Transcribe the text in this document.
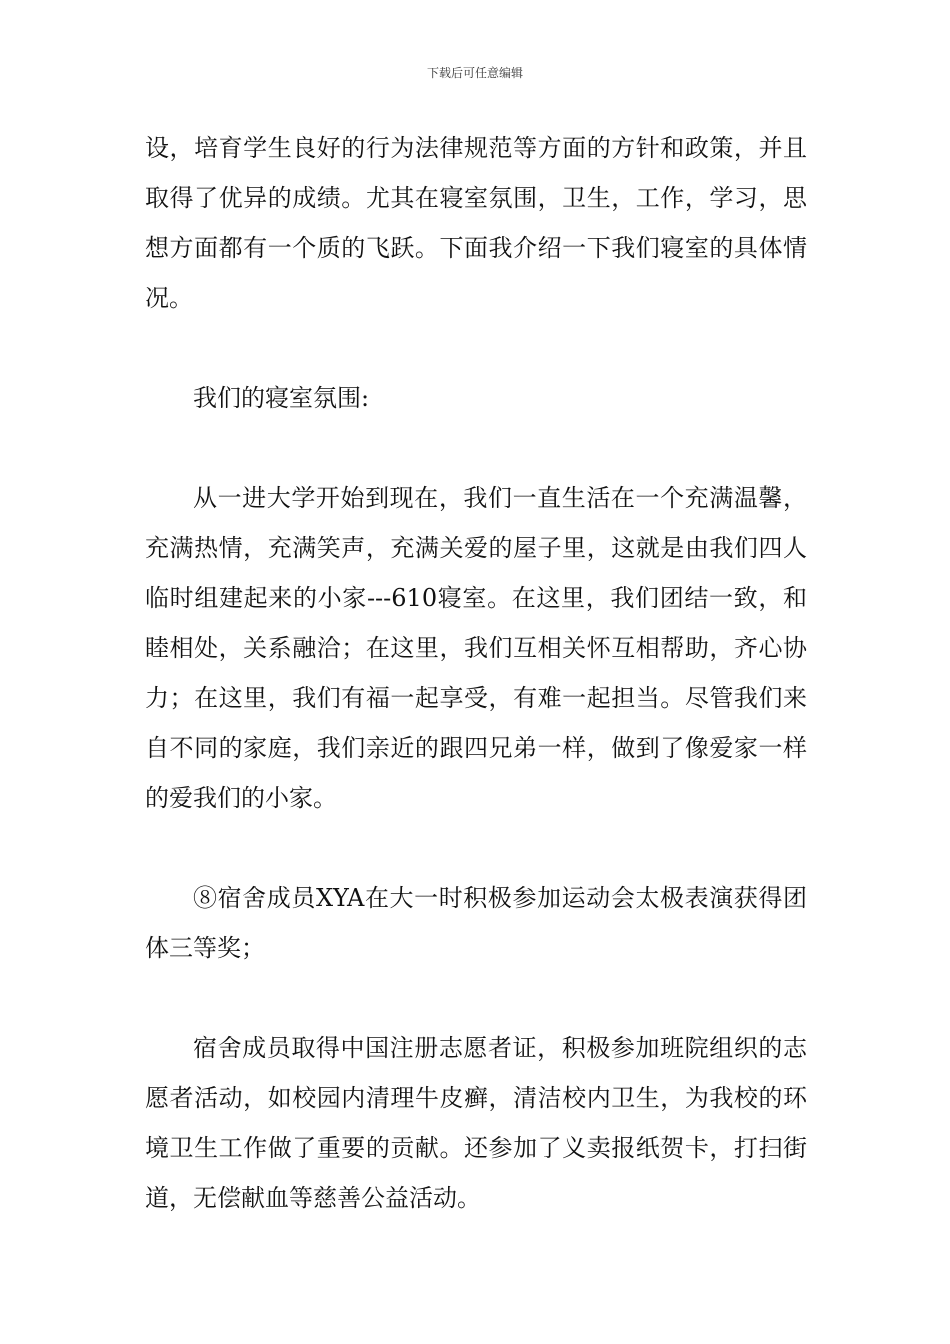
下载后可任意编辑

设，培育学生良好的行为法律规范等方面的方针和政策，并且取得了优异的成绩。尤其在寝室氛围，卫生，工作，学习，思想方面都有一个质的飞跃。下面我介绍一下我们寝室的具体情况。

我们的寝室氛围:

从一进大学开始到现在，我们一直生活在一个充满温馨，充满热情，充满笑声，充满关爱的屋子里，这就是由我们四人临时组建起来的小家---610寝室。在这里，我们团结一致，和睦相处，关系融洽；在这里，我们互相关怀互相帮助，齐心协力；在这里，我们有福一起享受，有难一起担当。尽管我们来自不同的家庭，我们亲近的跟四兄弟一样，做到了像爱家一样的爱我们的小家。

⑧宿舍成员XYA在大一时积极参加运动会太极表演获得团体三等奖；

宿舍成员取得中国注册志愿者证，积极参加班院组织的志愿者活动，如校园内清理牛皮癣，清洁校内卫生，为我校的环境卫生工作做了重要的贡献。还参加了义卖报纸贺卡，打扫街道，无偿献血等慈善公益活动。
